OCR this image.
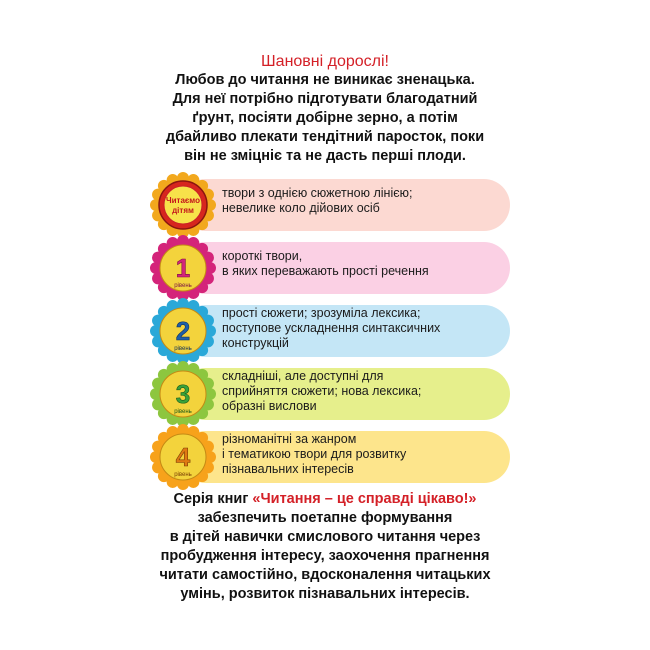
Шановні дорослі!

Любов до читання не виникає зненацька.
Для неї потрібно підготувати благодатний
ґрунт, посіяти добірне зерно, а потім
дбайливо плекати тендітний паросток, поки
він не зміцніє та не дасть перші плоди.

твори з однією сюжетною лінією;
невелике коло дійових осіб
Читаємо
дітям
короткі твори,
в яких переважають прості речення
1
рівень
прості сюжети; зрозуміла лексика;
поступове ускладнення синтаксичних
конструкцій
2
рівень
складніші, але доступні для
сприйняття сюжети; нова лексика;
образні вислови
3
рівень
різноманітні за жанром
і тематикою твори для розвитку
пізнавальних інтересів
4
рівень

Серія книг «Читання – це справді цікаво!»

забезпечить поетапне формування

в дітей навички смислового читання через

пробудження інтересу, заохочення прагнення

читати самостійно, вдосконалення читацьких

умінь, розвиток пізнавальних інтересів.
